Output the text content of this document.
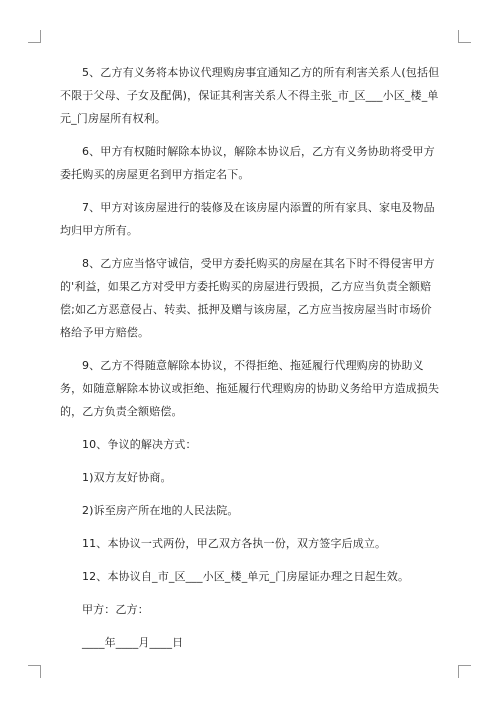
5、乙方有义务将本协议代理购房事宜通知乙方的所有利害关系人(包括但不限于父母、子女及配偶)，保证其利害关系人不得主张_市_区___小区_楼_单元_门房屋所有权利。

6、甲方有权随时解除本协议，解除本协议后，乙方有义务协助将受甲方委托购买的房屋更名到甲方指定名下。

7、甲方对该房屋进行的装修及在该房屋内添置的所有家具、家电及物品均归甲方所有。

8、乙方应当恪守诚信，受甲方委托购买的房屋在其名下时不得侵害甲方的'利益，如果乙方对受甲方委托购买的房屋进行毁损，乙方应当负责全额赔偿;如乙方恶意侵占、转卖、抵押及赠与该房屋，乙方应当按房屋当时市场价格给予甲方赔偿。

9、乙方不得随意解除本协议，不得拒绝、拖延履行代理购房的协助义务，如随意解除本协议或拒绝、拖延履行代理购房的协助义务给甲方造成损失的，乙方负责全额赔偿。

10、争议的解决方式：

1)双方友好协商。

2)诉至房产所在地的人民法院。

11、本协议一式两份，甲乙双方各执一份，双方签字后成立。

12、本协议自_市_区___小区_楼_单元_门房屋证办理之日起生效。

甲方：乙方：

____年____月____日
